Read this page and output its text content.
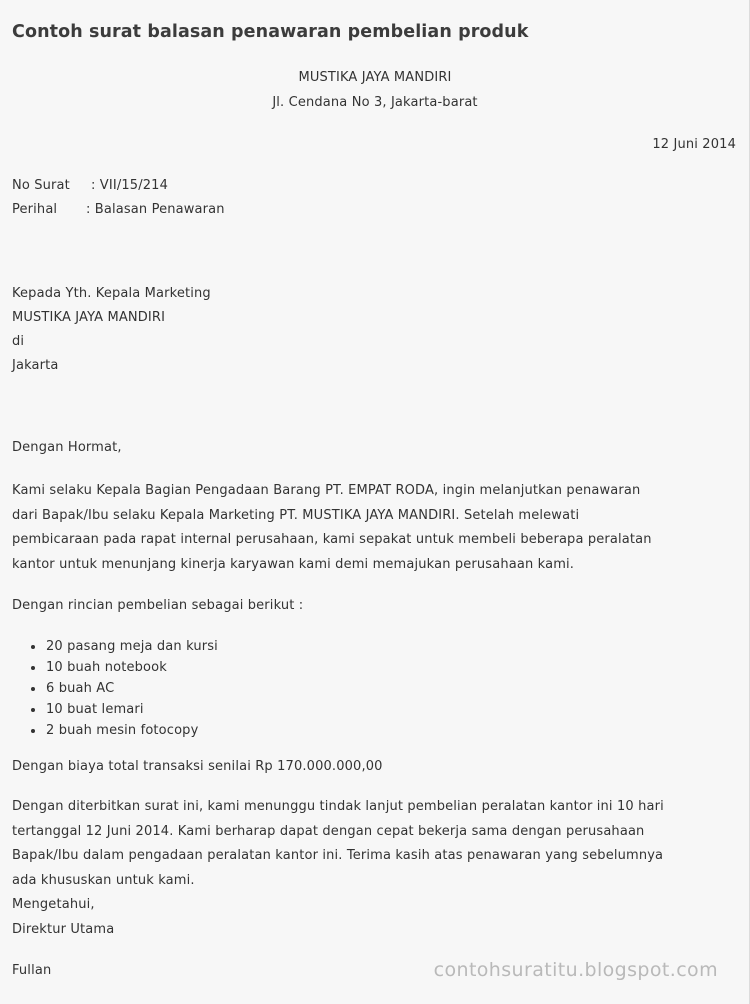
Contoh surat balasan penawaran pembelian produk
MUSTIKA JAYA MANDIRI
Jl. Cendana No 3, Jakarta-barat
12 Juni 2014
No Surat : VII/15/214
Perihal : Balasan Penawaran
Kepada Yth. Kepala Marketing
MUSTIKA JAYA MANDIRI
di
Jakarta
Dengan Hormat,

Kami selaku Kepala Bagian Pengadaan Barang PT. EMPAT RODA, ingin melanjutkan penawaran
dari Bapak/Ibu selaku Kepala Marketing PT. MUSTIKA JAYA MANDIRI. Setelah melewati
pembicaraan pada rapat internal perusahaan, kami sepakat untuk membeli beberapa peralatan
kantor untuk menunjang kinerja karyawan kami demi memajukan perusahaan kami.

Dengan rincian pembelian sebagai berikut :
20 pasang meja dan kursi
10 buah notebook
6 buah AC
10 buat lemari
2 buah mesin fotocopy
Dengan biaya total transaksi senilai Rp 170.000.000,00

Dengan diterbitkan surat ini, kami menunggu tindak lanjut pembelian peralatan kantor ini 10 hari
tertanggal 12 Juni 2014. Kami berharap dapat dengan cepat bekerja sama dengan perusahaan
Bapak/Ibu dalam pengadaan peralatan kantor ini. Terima kasih atas penawaran yang sebelumnya
ada khususkan untuk kami.
Mengetahui,
Direktur Utama

Fullan	contohsuratitu.blogspot.com
